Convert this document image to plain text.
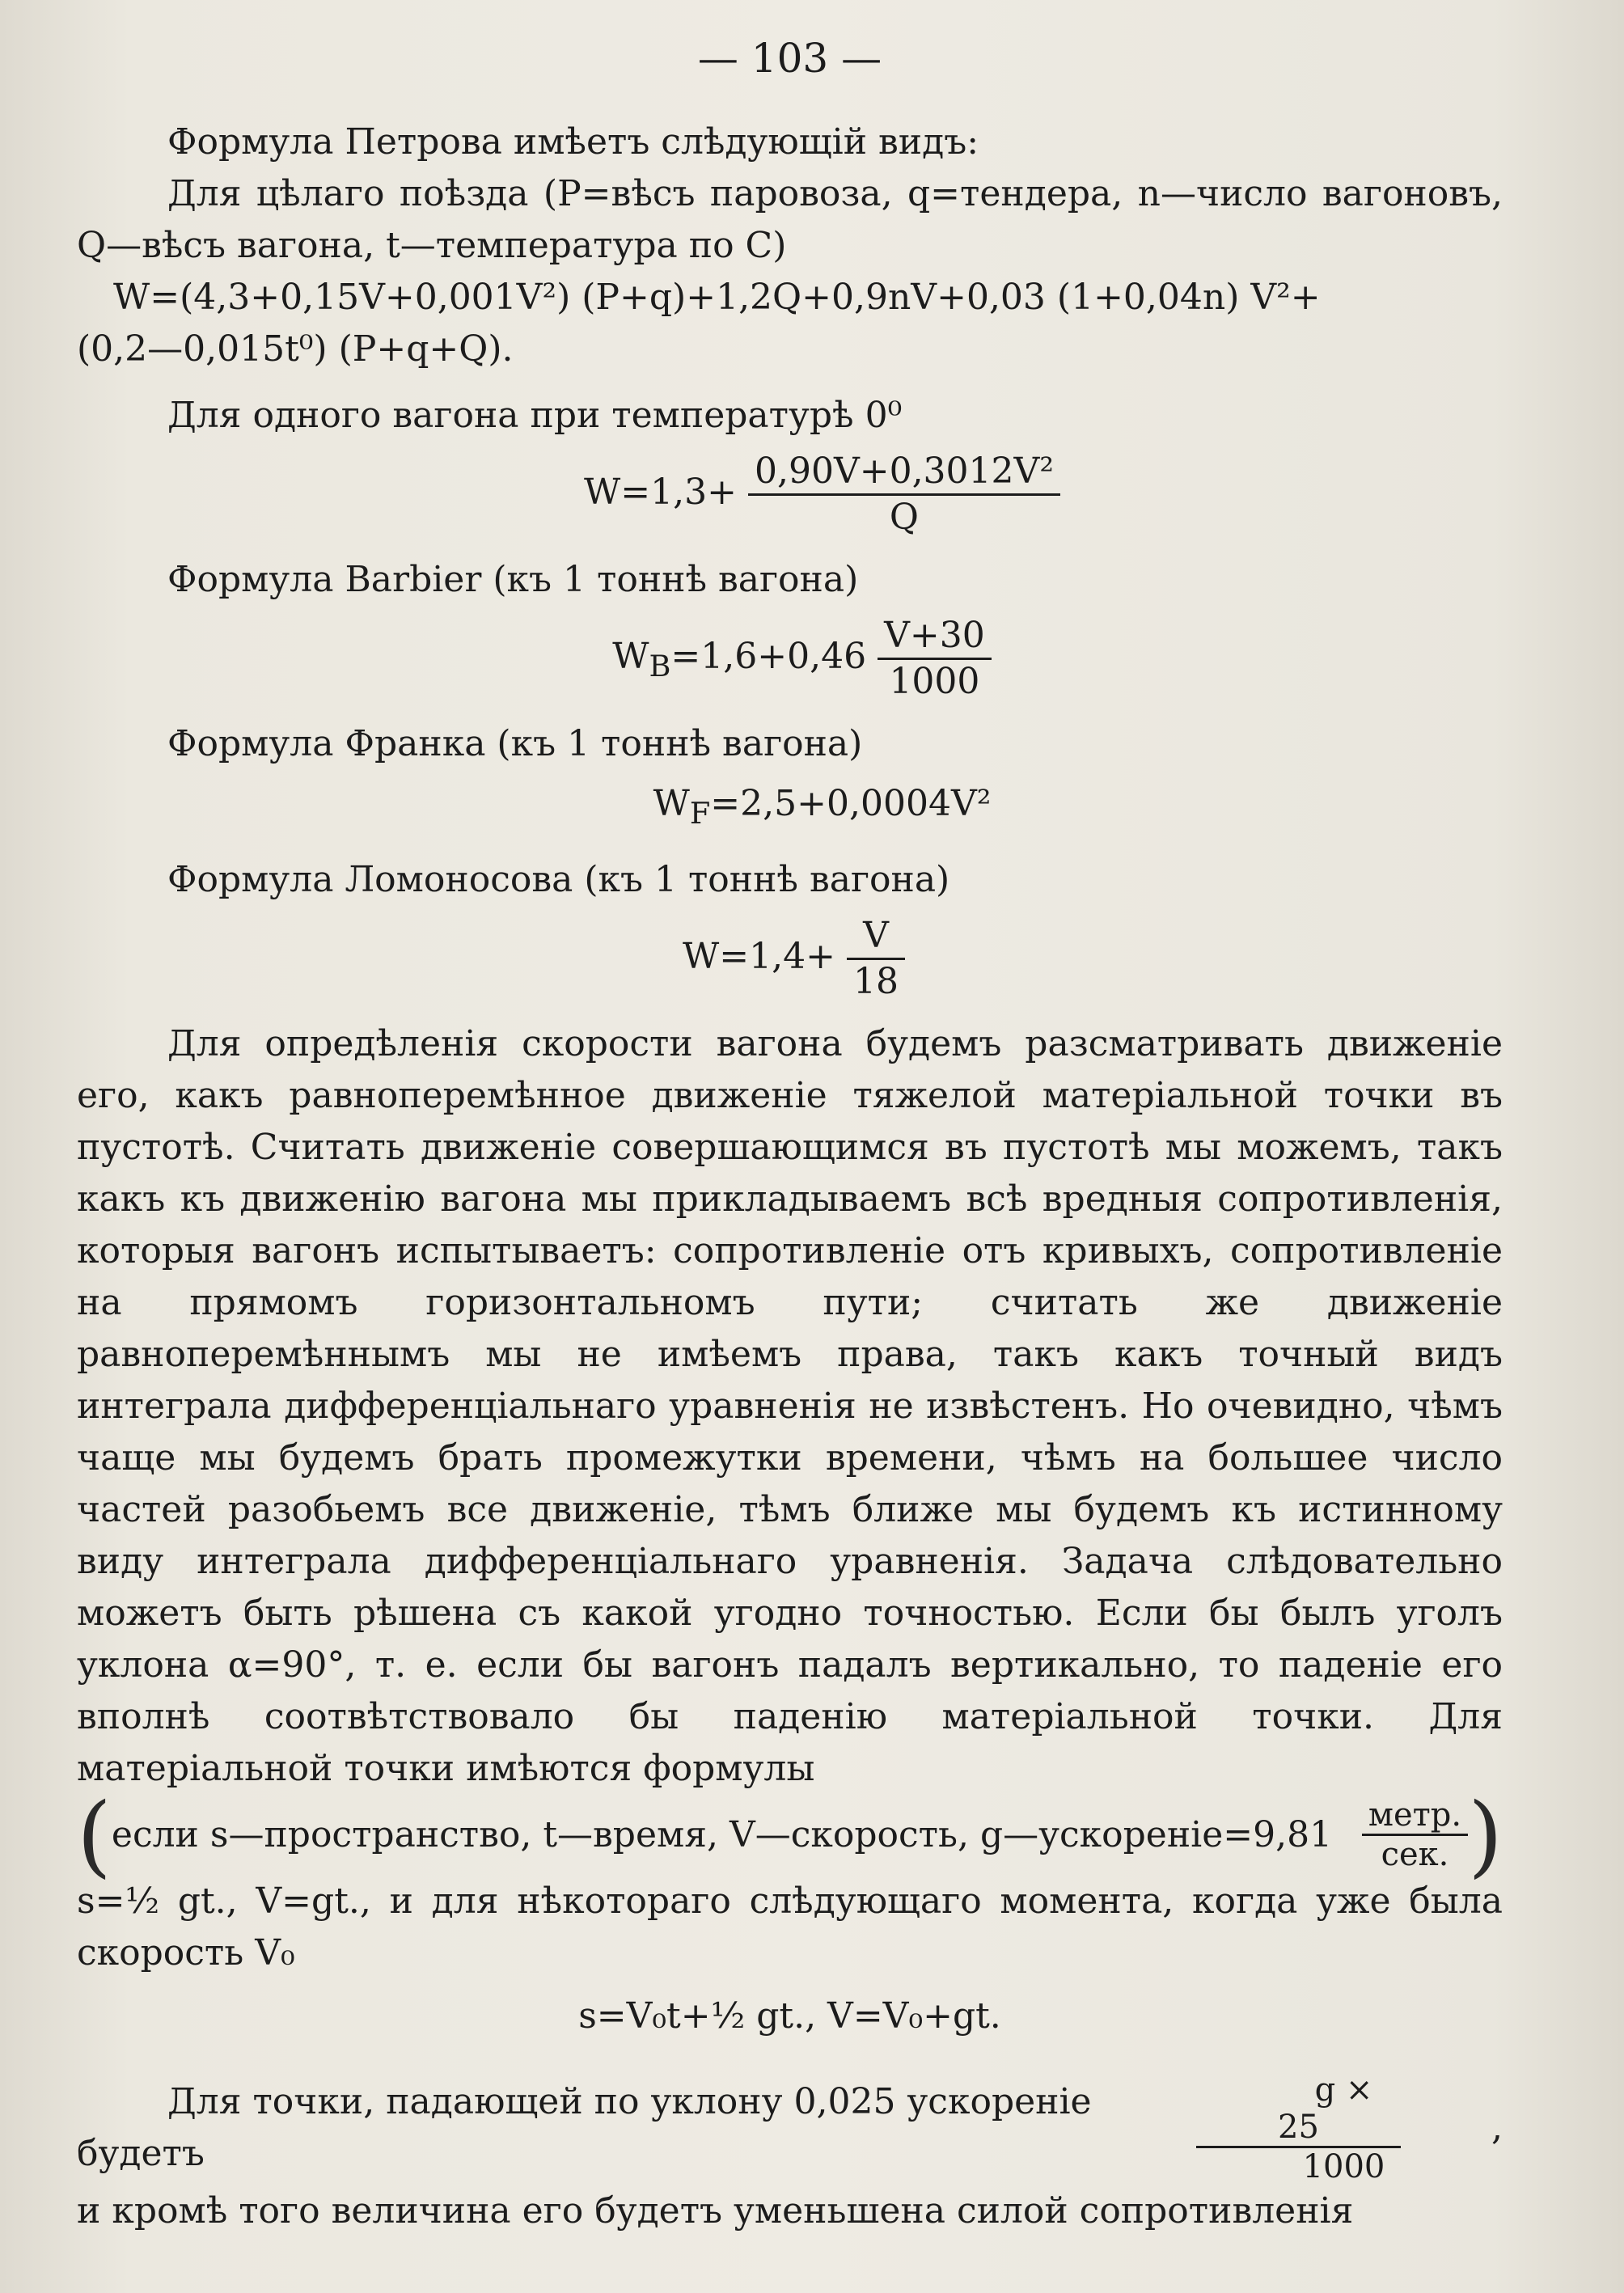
— 103 —

Формула Петрова имѣетъ слѣдующій видъ:

Для цѣлаго поѣзда (P=вѣсъ паровоза, q=тендера, n—число вагоновъ, Q—вѣсъ вагона, t—температура по С)

W=(4,3+0,15V+0,001V²) (P+q)+1,2Q+0,9nV+0,03 (1+0,04n) V²+

(0,2—0,015t⁰) (P+q+Q).

Для одного вагона при температурѣ 0⁰

$W=1,3+ \frac{\text{0,90V+0,3012V²}}{Q}$

Формула Barbier (къ 1 тоннѣ вагона)

$W_B=1,6+0,46 \frac{V+30}{1000}$

Формула Франка (къ 1 тоннѣ вагона)

$W_F=2,5+0,0004V^2$

Формула Ломоносова (къ 1 тоннѣ вагона)

$W=1,4+ \frac{V}{18}$

Для опредѣленія скорости вагона будемъ разсматривать движеніе его, какъ равноперемѣнное движеніе тяжелой матеріальной точки въ пустотѣ. Считать движеніе совершающимся въ пустотѣ мы можемъ, такъ какъ къ движенію вагона мы прикладываемъ всѣ вредныя сопротивленія, которыя вагонъ испытываетъ: сопротивленіе отъ кривыхъ, сопротивленіе на прямомъ горизонтальномъ пути; считать же движеніе равноперемѣннымъ мы не имѣемъ права, такъ какъ точный видъ интеграла дифференціальнаго уравненія не извѣстенъ. Но очевидно, чѣмъ чаще мы будемъ брать промежутки времени, чѣмъ на большее число частей разобьемъ все движеніе, тѣмъ ближе мы будемъ къ истинному виду интеграла дифференціальнаго уравненія. Задача слѣдовательно можетъ быть рѣшена съ какой угодно точностью. Если бы былъ уголъ уклона α=90°, т. е. если бы вагонъ падалъ вертикально, то паденіе его вполнѣ соотвѣтствовало бы паденію матеріальной точки. Для матеріальной точки имѣются формулы

( если s—пространство, t—время, V—скорость, g—ускореніе=9,81 $\frac{\text{метр.}}{\text{сек.}}$ )

s=½ gt., V=gt., и для нѣкотораго слѣдующаго момента, когда уже была скорость V₀

s=V₀t+½ gt., V=V₀+gt.

Для точки, падающей по уклону 0,025 ускореніе будетъ	$\frac{g \times 25}{1000}$	,

и кромѣ того величина его будетъ уменьшена силой сопротивленія
